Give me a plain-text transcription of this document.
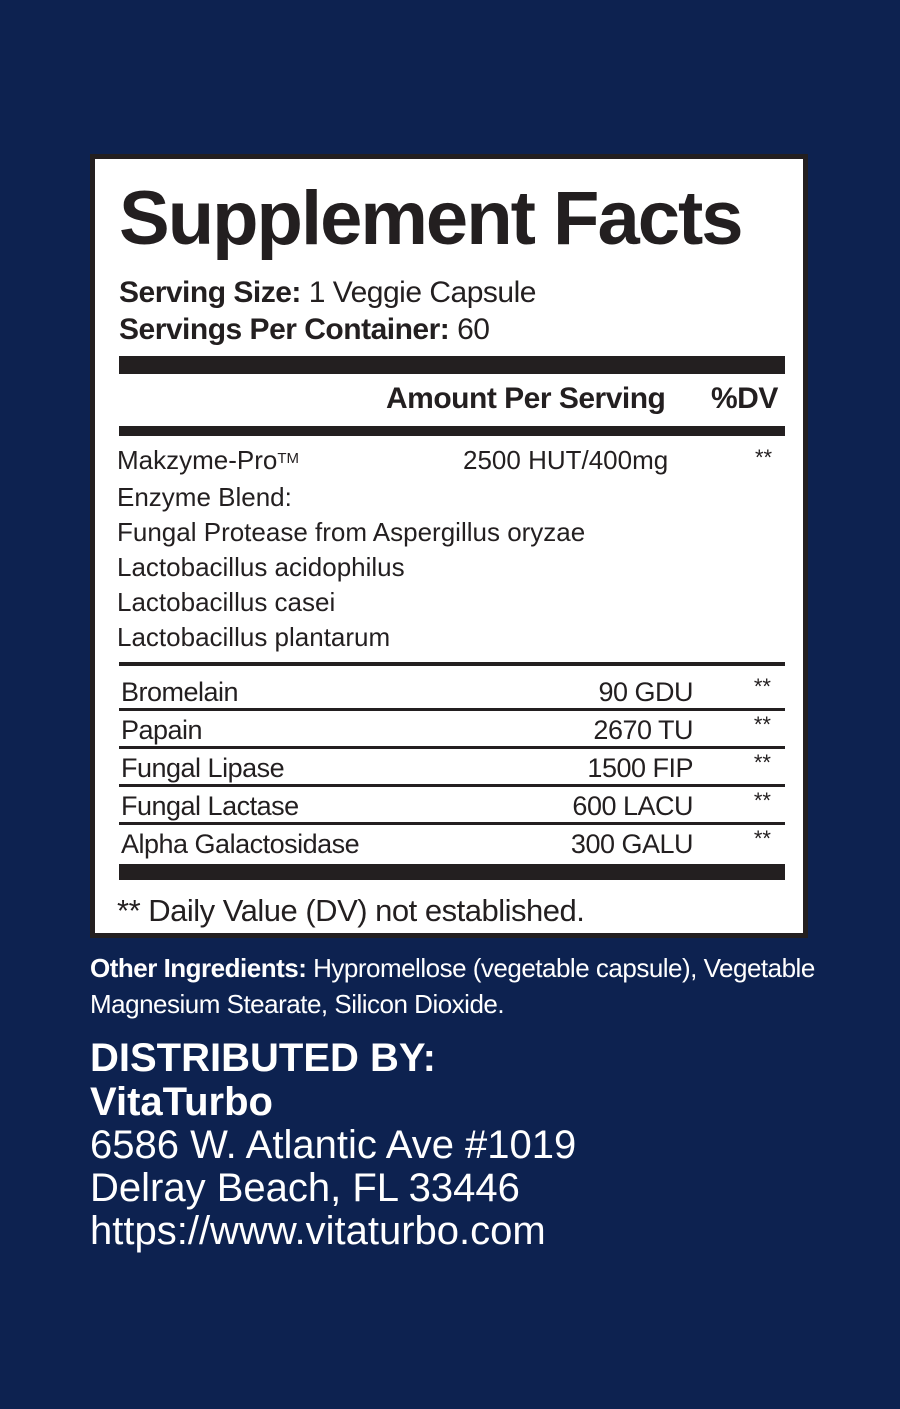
Supplement Facts
Serving Size: 1 Veggie Capsule
Servings Per Container: 60
Amount Per Serving %DV
Makzyme-Pro™	2500 HUT/400mg	**
Enzyme Blend:
Fungal Protease from Aspergillus oryzae
Lactobacillus acidophilus
Lactobacillus casei
Lactobacillus plantarum
Bromelain	90 GDU	**
Papain	2670 TU	**
Fungal Lipase	1500 FIP	**
Fungal Lactase	600 LACU	**
Alpha Galactosidase	300 GALU	**
** Daily Value (DV) not established.
Other Ingredients: Hypromellose (vegetable capsule), Vegetable Magnesium Stearate, Silicon Dioxide.
DISTRIBUTED BY:
VitaTurbo
6586 W. Atlantic Ave #1019
Delray Beach, FL 33446
https://www.vitaturbo.com
